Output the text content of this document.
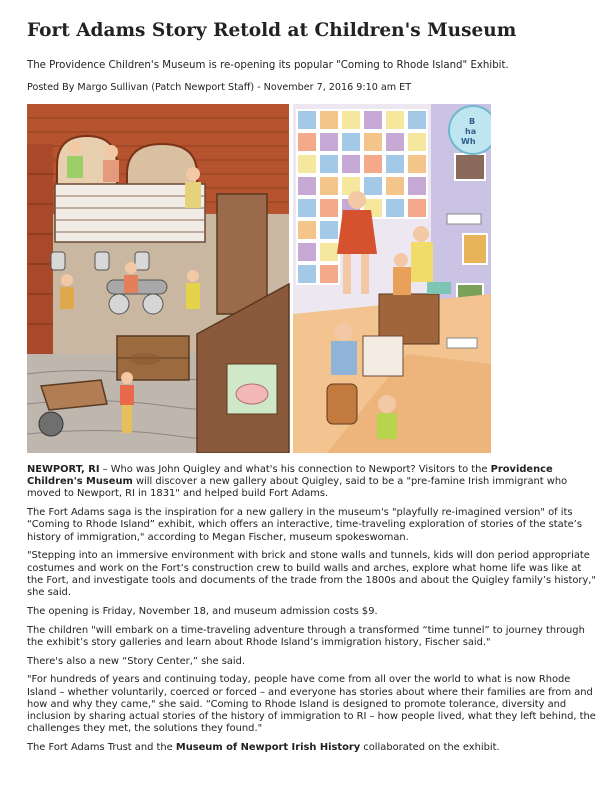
Fort Adams Story Retold at Children's Museum
The Providence Children's Museum is re-opening its popular "Coming to Rhode Island" Exhibit.
Posted By Margo Sullivan (Patch Newport Staff) - November 7, 2016 9:10 am ET
B
ha
Wh

NEWPORT, RI – Who was John Quigley and what's his connection to Newport? Visitors to the Providence Children's Museum will discover a new gallery about Quigley, said to be a "pre-famine Irish immigrant who moved to Newport, RI in 1831" and helped build Fort Adams.

The Fort Adams saga is the inspiration for a new gallery in the museum's "playfully re-imagined version" of its “Coming to Rhode Island” exhibit, which offers an interactive, time-traveling exploration of stories of the state’s history of immigration," according to Megan Fischer, museum spokeswoman.

"Stepping into an immersive environment with brick and stone walls and tunnels, kids will don period appropriate costumes and work on the Fort’s construction crew to build walls and arches, explore what home life was like at the Fort, and investigate tools and documents of the trade from the 1800s and about the Quigley family’s history," she said.

The opening is Friday, November 18, and museum admission costs $9.

The children "will embark on a time-traveling adventure through a transformed “time tunnel” to journey through the exhibit’s story galleries and learn about Rhode Island’s immigration history, Fischer said."

There's also a new “Story Center,” she said.

"For hundreds of years and continuing today, people have come from all over the world to what is now Rhode Island – whether voluntarily, coerced or forced – and everyone has stories about where their families are from and how and why they came," she said. “Coming to Rhode Island is designed to promote tolerance, diversity and inclusion by sharing actual stories of the history of immigration to RI – how people lived, what they left behind, the challenges they met, the solutions they found."

The Fort Adams Trust and the Museum of Newport Irish History collaborated on the exhibit.
